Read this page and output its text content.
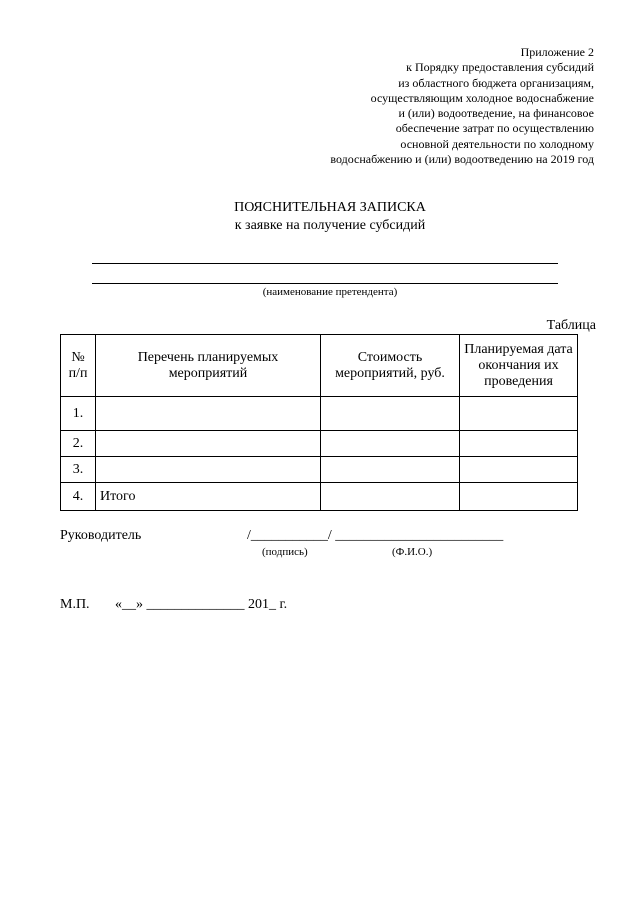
Приложение 2
к Порядку предоставления субсидий
из областного бюджета организациям,
осуществляющим холодное водоснабжение
и (или) водоотведение, на финансовое
обеспечение затрат по осуществлению
основной деятельности по холодному
водоснабжению и (или) водоотведению на 2019 год
ПОЯСНИТЕЛЬНАЯ ЗАПИСКА
к заявке на получение субсидий
(наименование претендента)
Таблица
№ п/п	Перечень планируемых мероприятий	Стоимость мероприятий, руб.	Планируемая дата окончания их проведения
1.			
2.			
3.			
4.	Итого		
Руководитель	/___________/ ________________________
(подпись)	(Ф.И.О.)
М.П. «__» ______________ 201_ г.
